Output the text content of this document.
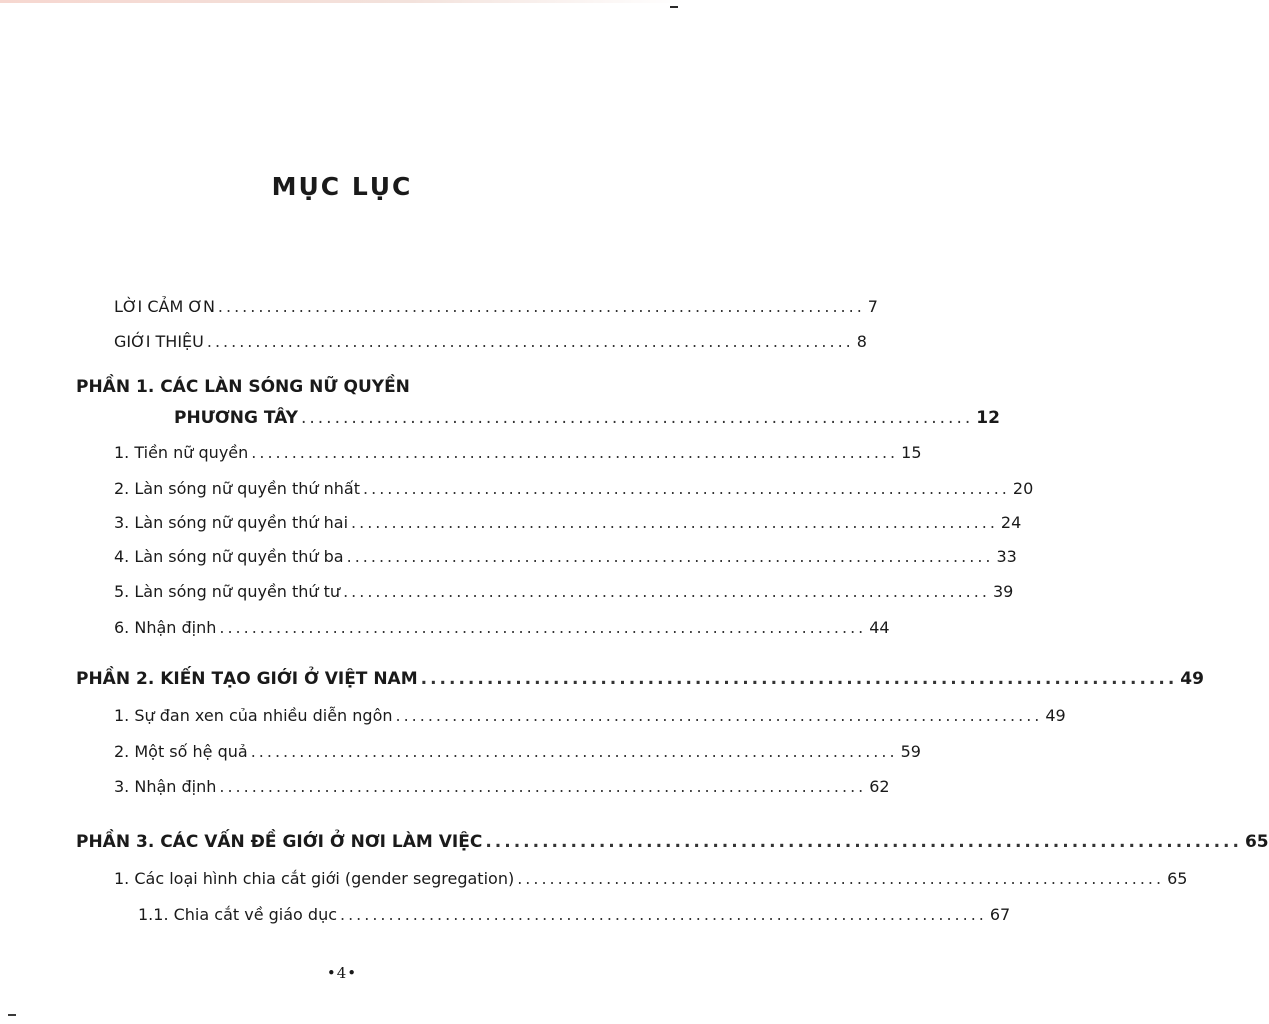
MỤC LỤC
LỜI CẢM ƠN ................................................................................ 7
GIỚI THIỆU ................................................................................ 8
PHẦN 1. CÁC LÀN SÓNG NỮ QUYỀN
PHƯƠNG TÂY ................................................................................ 12
1. Tiền nữ quyền ................................................................................ 15
2. Làn sóng nữ quyền thứ nhất ................................................................................ 20
3. Làn sóng nữ quyền thứ hai ................................................................................ 24
4. Làn sóng nữ quyền thứ ba ................................................................................ 33
5. Làn sóng nữ quyền thứ tư ................................................................................ 39
6. Nhận định ................................................................................ 44
PHẦN 2. KIẾN TẠO GIỚI Ở VIỆT NAM ................................................................................ 49
1. Sự đan xen của nhiều diễn ngôn ................................................................................ 49
2. Một số hệ quả ................................................................................ 59
3. Nhận định ................................................................................ 62
PHẦN 3. CÁC VẤN ĐỀ GIỚI Ở NƠI LÀM VIỆC ................................................................................ 65
1. Các loại hình chia cắt giới (gender segregation) ................................................................................ 65
1.1. Chia cắt về giáo dục ................................................................................ 67
•4•
